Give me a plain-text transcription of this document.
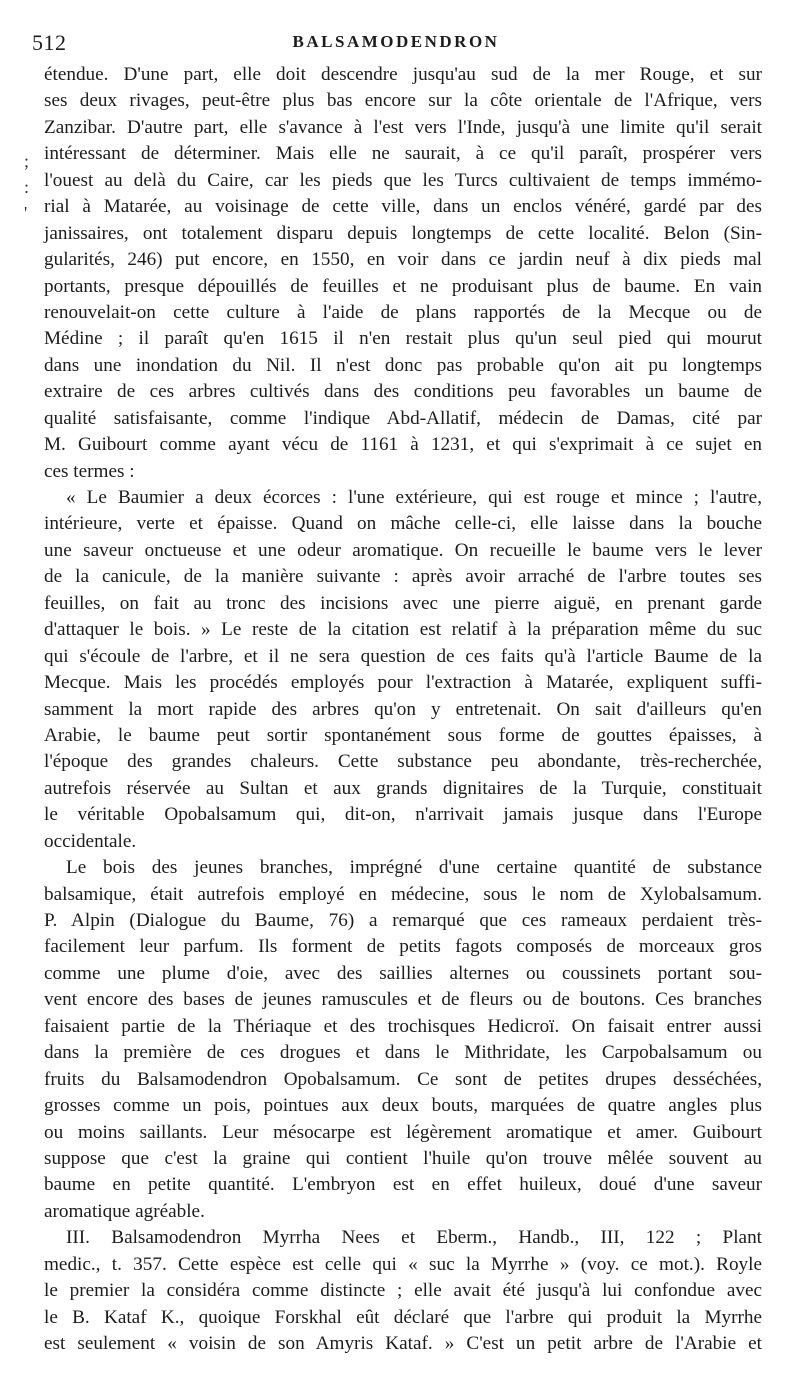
512	BALSAMODENDRON
;
:
'
étendue. D'une part, elle doit descendre jusqu'au sud de la mer Rouge, et sur
ses deux rivages, peut-être plus bas encore sur la côte orientale de l'Afrique, vers
Zanzibar. D'autre part, elle s'avance à l'est vers l'Inde, jusqu'à une limite qu'il serait
intéressant de déterminer. Mais elle ne saurait, à ce qu'il paraît, prospérer vers
l'ouest au delà du Caire, car les pieds que les Turcs cultivaient de temps immémo-
rial à Matarée, au voisinage de cette ville, dans un enclos vénéré, gardé par des
janissaires, ont totalement disparu depuis longtemps de cette localité. Belon (Sin-
gularités, 246) put encore, en 1550, en voir dans ce jardin neuf à dix pieds mal
portants, presque dépouillés de feuilles et ne produisant plus de baume. En vain
renouvelait-on cette culture à l'aide de plans rapportés de la Mecque ou de
Médine ; il paraît qu'en 1615 il n'en restait plus qu'un seul pied qui mourut
dans une inondation du Nil. Il n'est donc pas probable qu'on ait pu longtemps
extraire de ces arbres cultivés dans des conditions peu favorables un baume de
qualité satisfaisante, comme l'indique Abd-Allatif, médecin de Damas, cité par
M. Guibourt comme ayant vécu de 1161 à 1231, et qui s'exprimait à ce sujet en
ces termes :
« Le Baumier a deux écorces : l'une extérieure, qui est rouge et mince ; l'autre,
intérieure, verte et épaisse. Quand on mâche celle-ci, elle laisse dans la bouche
une saveur onctueuse et une odeur aromatique. On recueille le baume vers le lever
de la canicule, de la manière suivante : après avoir arraché de l'arbre toutes ses
feuilles, on fait au tronc des incisions avec une pierre aiguë, en prenant garde
d'attaquer le bois. » Le reste de la citation est relatif à la préparation même du suc
qui s'écoule de l'arbre, et il ne sera question de ces faits qu'à l'article Baume de la
Mecque. Mais les procédés employés pour l'extraction à Matarée, expliquent suffi-
samment la mort rapide des arbres qu'on y entretenait. On sait d'ailleurs qu'en
Arabie, le baume peut sortir spontanément sous forme de gouttes épaisses, à
l'époque des grandes chaleurs. Cette substance peu abondante, très-recherchée,
autrefois réservée au Sultan et aux grands dignitaires de la Turquie, constituait
le véritable Opobalsamum qui, dit-on, n'arrivait jamais jusque dans l'Europe
occidentale.
Le bois des jeunes branches, imprégné d'une certaine quantité de substance
balsamique, était autrefois employé en médecine, sous le nom de Xylobalsamum.
P. Alpin (Dialogue du Baume, 76) a remarqué que ces rameaux perdaient très-
facilement leur parfum. Ils forment de petits fagots composés de morceaux gros
comme une plume d'oie, avec des saillies alternes ou coussinets portant sou-
vent encore des bases de jeunes ramuscules et de fleurs ou de boutons. Ces branches
faisaient partie de la Thériaque et des trochisques Hedicroï. On faisait entrer aussi
dans la première de ces drogues et dans le Mithridate, les Carpobalsamum ou
fruits du Balsamodendron Opobalsamum. Ce sont de petites drupes desséchées,
grosses comme un pois, pointues aux deux bouts, marquées de quatre angles plus
ou moins saillants. Leur mésocarpe est légèrement aromatique et amer. Guibourt
suppose que c'est la graine qui contient l'huile qu'on trouve mêlée souvent au
baume en petite quantité. L'embryon est en effet huileux, doué d'une saveur
aromatique agréable.
III. Balsamodendron Myrrha Nees et Eberm., Handb., III, 122 ; Plant
medic., t. 357. Cette espèce est celle qui « suc la Myrrhe » (voy. ce mot.). Royle
le premier la considéra comme distincte ; elle avait été jusqu'à lui confondue avec
le B. Kataf K., quoique Forskhal eût déclaré que l'arbre qui produit la Myrrhe
est seulement « voisin de son Amyris Kataf. » C'est un petit arbre de l'Arabie et
